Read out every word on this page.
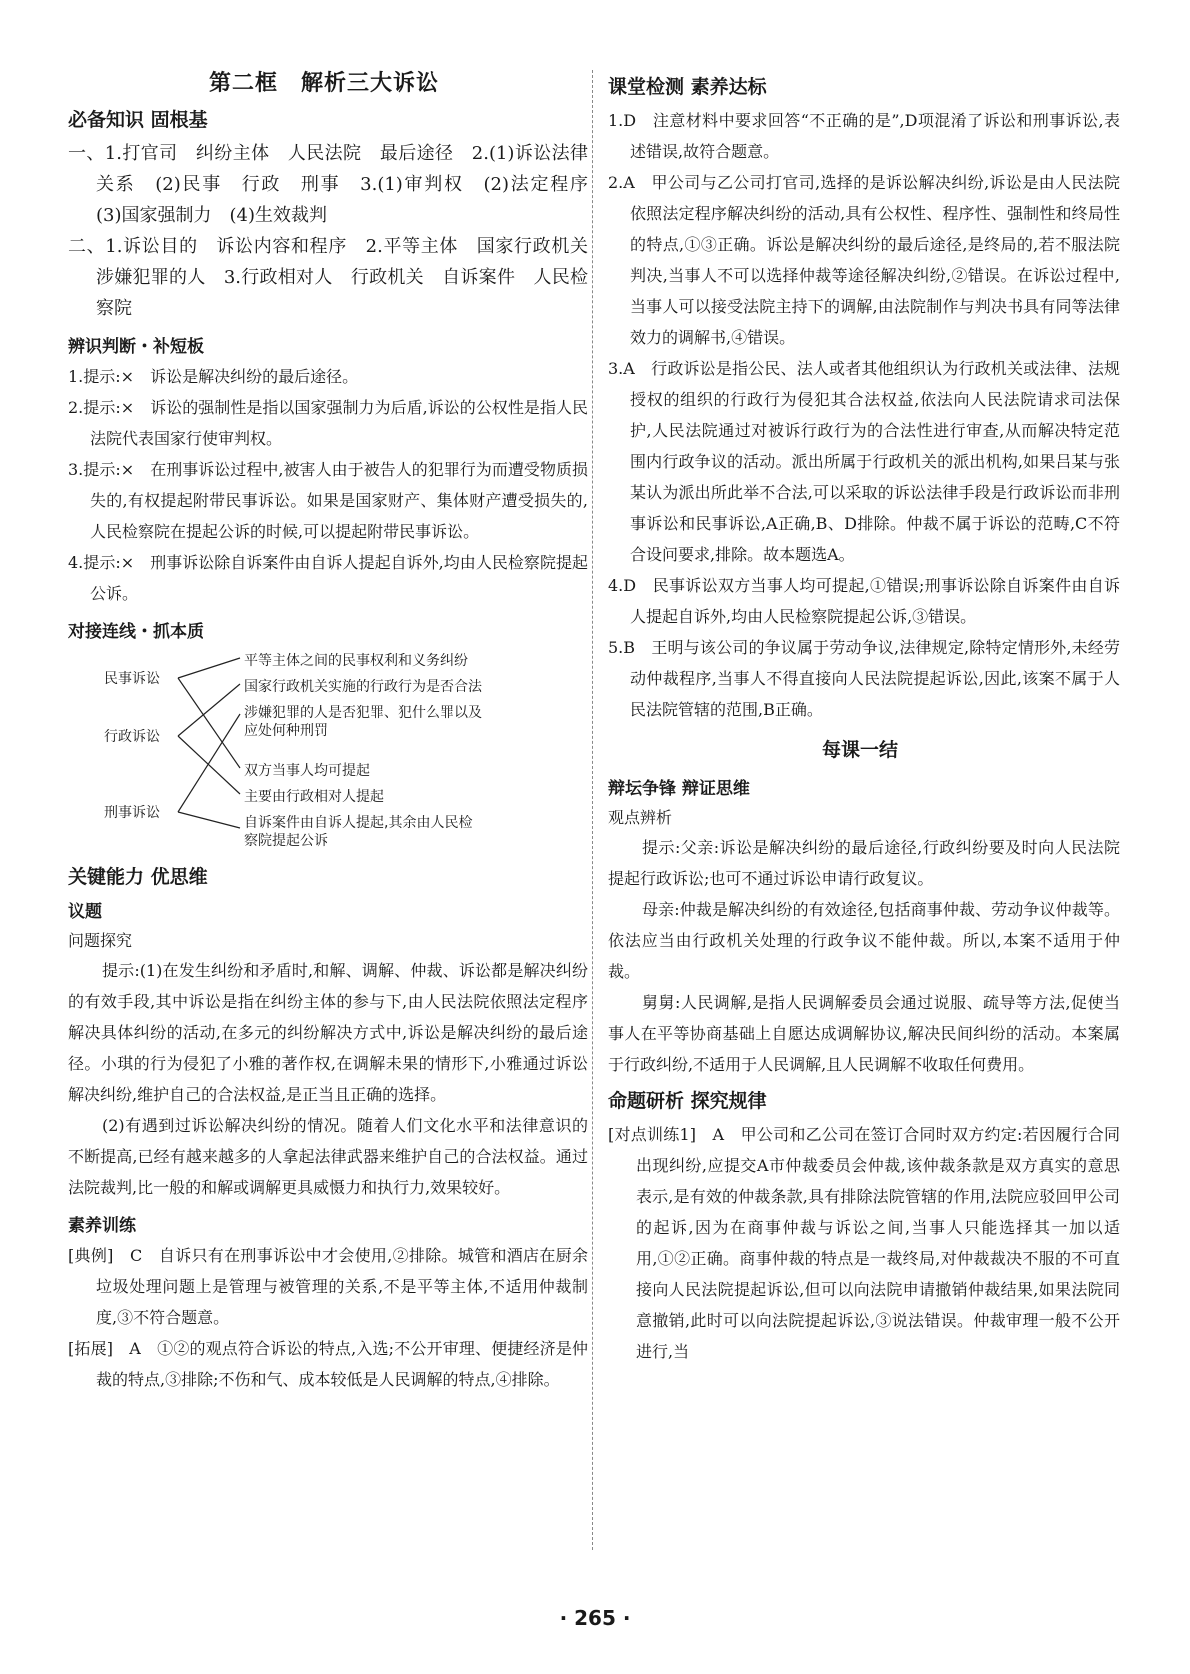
第二框　解析三大诉讼
必备知识 固根基

一、1.打官司　纠纷主体　人民法院　最后途径　2.(1)诉讼法律关系　(2)民事　行政　刑事　3.(1)审判权　(2)法定程序　(3)国家强制力　(4)生效裁判

二、1.诉讼目的　诉讼内容和程序　2.平等主体　国家行政机关　涉嫌犯罪的人　3.行政相对人　行政机关　自诉案件　人民检察院

辨识判断・补短板

1.提示:×　诉讼是解决纠纷的最后途径。

2.提示:×　诉讼的强制性是指以国家强制力为后盾,诉讼的公权性是指人民法院代表国家行使审判权。

3.提示:×　在刑事诉讼过程中,被害人由于被告人的犯罪行为而遭受物质损失的,有权提起附带民事诉讼。如果是国家财产、集体财产遭受损失的,人民检察院在提起公诉的时候,可以提起附带民事诉讼。

4.提示:×　刑事诉讼除自诉案件由自诉人提起自诉外,均由人民检察院提起公诉。

对接连线・抓本质
民事诉讼
行政诉讼
刑事诉讼
平等主体之间的民事权利和义务纠纷
国家行政机关实施的行政行为是否合法
涉嫌犯罪的人是否犯罪、犯什么罪以及
应处何种刑罚
双方当事人均可提起
主要由行政相对人提起
自诉案件由自诉人提起,其余由人民检
察院提起公诉
关键能力 优思维
议题
问题探究

提示:(1)在发生纠纷和矛盾时,和解、调解、仲裁、诉讼都是解决纠纷的有效手段,其中诉讼是指在纠纷主体的参与下,由人民法院依照法定程序解决具体纠纷的活动,在多元的纠纷解决方式中,诉讼是解决纠纷的最后途径。小琪的行为侵犯了小雅的著作权,在调解未果的情形下,小雅通过诉讼解决纠纷,维护自己的合法权益,是正当且正确的选择。

(2)有遇到过诉讼解决纠纷的情况。随着人们文化水平和法律意识的不断提高,已经有越来越多的人拿起法律武器来维护自己的合法权益。通过法院裁判,比一般的和解或调解更具威慑力和执行力,效果较好。

素养训练

[典例]　C　自诉只有在刑事诉讼中才会使用,②排除。城管和酒店在厨余垃圾处理问题上是管理与被管理的关系,不是平等主体,不适用仲裁制度,③不符合题意。

[拓展]　A　①②的观点符合诉讼的特点,入选;不公开审理、便捷经济是仲裁的特点,③排除;不伤和气、成本较低是人民调解的特点,④排除。

课堂检测 素养达标

1.D　注意材料中要求回答“不正确的是”,D项混淆了诉讼和刑事诉讼,表述错误,故符合题意。

2.A　甲公司与乙公司打官司,选择的是诉讼解决纠纷,诉讼是由人民法院依照法定程序解决纠纷的活动,具有公权性、程序性、强制性和终局性的特点,①③正确。诉讼是解决纠纷的最后途径,是终局的,若不服法院判决,当事人不可以选择仲裁等途径解决纠纷,②错误。在诉讼过程中,当事人可以接受法院主持下的调解,由法院制作与判决书具有同等法律效力的调解书,④错误。

3.A　行政诉讼是指公民、法人或者其他组织认为行政机关或法律、法规授权的组织的行政行为侵犯其合法权益,依法向人民法院请求司法保护,人民法院通过对被诉行政行为的合法性进行审查,从而解决特定范围内行政争议的活动。派出所属于行政机关的派出机构,如果吕某与张某认为派出所此举不合法,可以采取的诉讼法律手段是行政诉讼而非刑事诉讼和民事诉讼,A正确,B、D排除。仲裁不属于诉讼的范畴,C不符合设问要求,排除。故本题选A。

4.D　民事诉讼双方当事人均可提起,①错误;刑事诉讼除自诉案件由自诉人提起自诉外,均由人民检察院提起公诉,③错误。

5.B　王明与该公司的争议属于劳动争议,法律规定,除特定情形外,未经劳动仲裁程序,当事人不得直接向人民法院提起诉讼,因此,该案不属于人民法院管辖的范围,B正确。

每课一结
辩坛争锋 辩证思维
观点辨析

提示:父亲:诉讼是解决纠纷的最后途径,行政纠纷要及时向人民法院提起行政诉讼;也可不通过诉讼申请行政复议。

母亲:仲裁是解决纠纷的有效途径,包括商事仲裁、劳动争议仲裁等。依法应当由行政机关处理的行政争议不能仲裁。所以,本案不适用于仲裁。

舅舅:人民调解,是指人民调解委员会通过说服、疏导等方法,促使当事人在平等协商基础上自愿达成调解协议,解决民间纠纷的活动。本案属于行政纠纷,不适用于人民调解,且人民调解不收取任何费用。

命题研析 探究规律

[对点训练1]　A　甲公司和乙公司在签订合同时双方约定:若因履行合同出现纠纷,应提交A市仲裁委员会仲裁,该仲裁条款是双方真实的意思表示,是有效的仲裁条款,具有排除法院管辖的作用,法院应驳回甲公司的起诉,因为在商事仲裁与诉讼之间,当事人只能选择其一加以适用,①②正确。商事仲裁的特点是一裁终局,对仲裁裁决不服的不可直接向人民法院提起诉讼,但可以向法院申请撤销仲裁结果,如果法院同意撤销,此时可以向法院提起诉讼,③说法错误。仲裁审理一般不公开进行,当

· 265 ·
